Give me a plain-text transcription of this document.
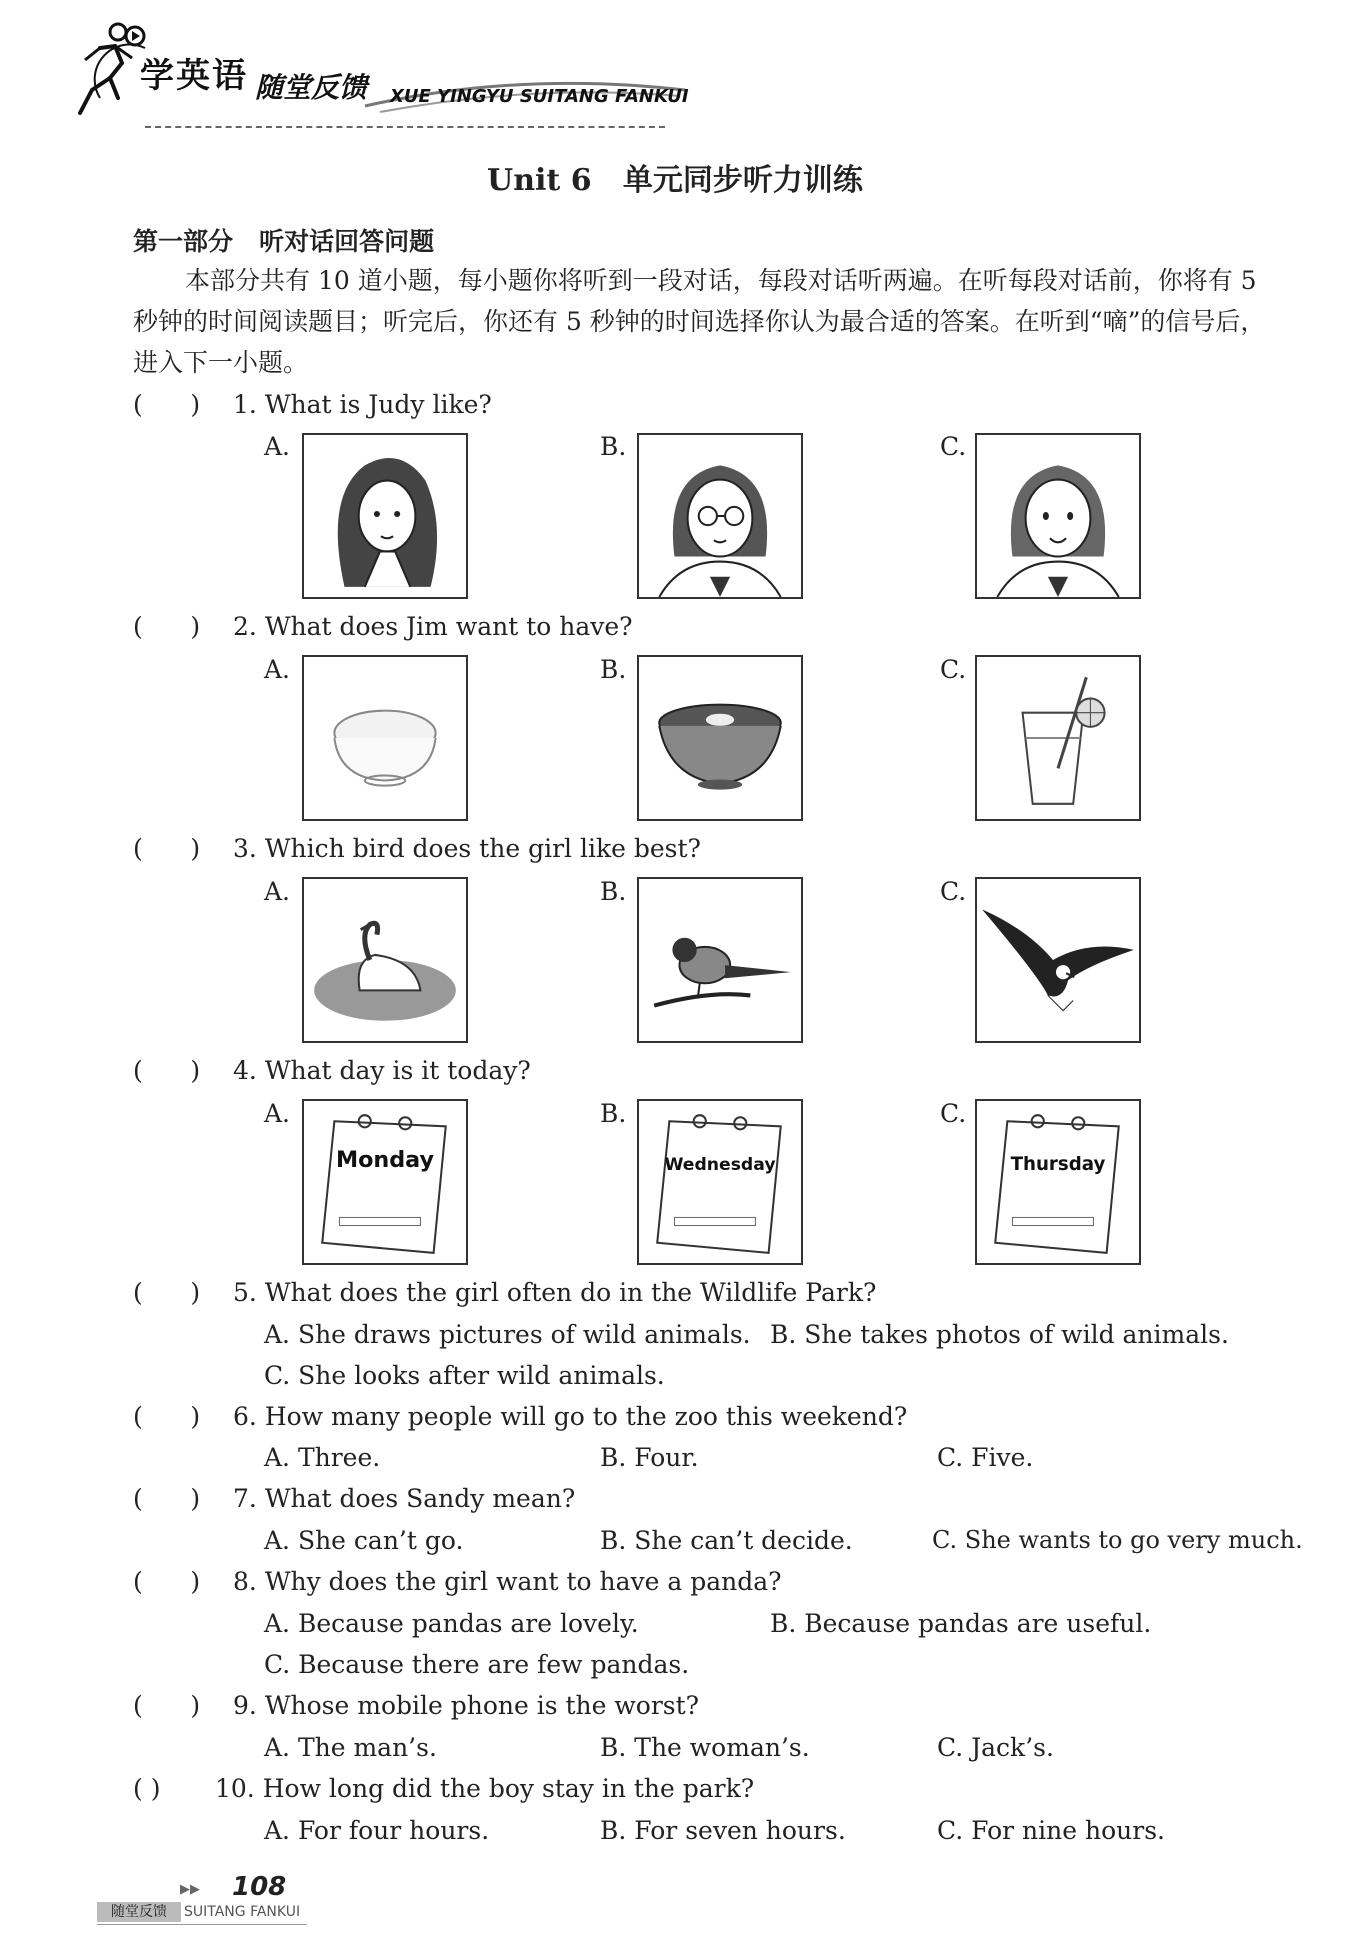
学英语 随堂反馈 XUE YINGYU SUITANG FANKUI
Unit 6   单元同步听力训练
第一部分   听对话回答问题
本部分共有 10 道小题，每小题你将听到一段对话，每段对话听两遍。在听每段对话前，你将有 5 秒钟的时间阅读题目；听完后，你还有 5 秒钟的时间选择你认为最合适的答案。在听到“嘀”的信号后，进入下一小题。
(      ) 1. What is Judy like?
A.	B.	C.
(      ) 2. What does Jim want to have?
A.	B.	C.
(      ) 3. Which bird does the girl like best?
A.	B.	C.
(      ) 4. What day is it today?
A.	B.	C.
Monday	Wednesday	Thursday
(      ) 5. What does the girl often do in the Wildlife Park?
A. She draws pictures of wild animals. B. She takes photos of wild animals.
C. She looks after wild animals.
(      ) 6. How many people will go to the zoo this weekend?
A. Three.	B. Four.	C. Five.
(      ) 7. What does Sandy mean?
A. She can’t go.	B. She can’t decide.	C. She wants to go very much.
(      ) 8. Why does the girl want to have a panda?
A. Because pandas are lovely.	B. Because pandas are useful.
C. Because there are few pandas.
(      ) 9. Whose mobile phone is the worst?
A. The man’s.	B. The woman’s.	C. Jack’s.
( ) 10. How long did the boy stay in the park?
A. For four hours.	B. For seven hours.	C. For nine hours.
▶▶ 108
随堂反馈	SUITANG FANKUI
